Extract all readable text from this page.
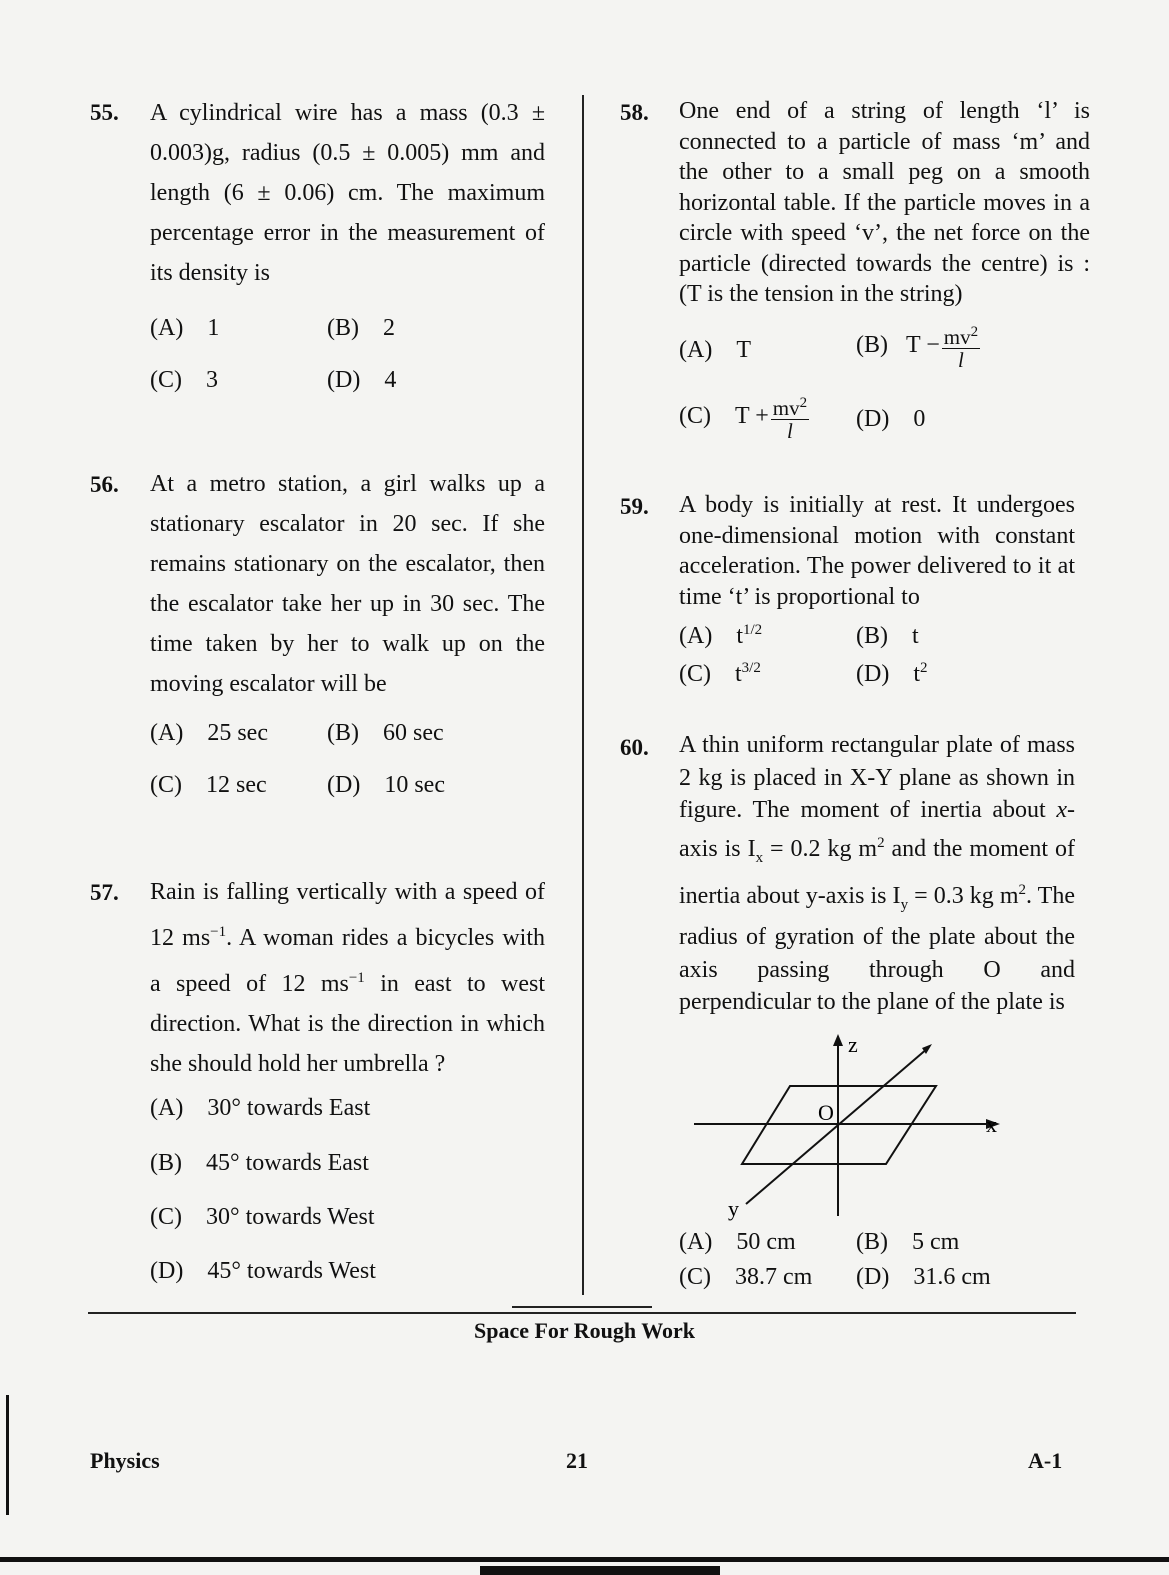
55. A cylindrical wire has a mass (0.3 ± 0.003)g, radius (0.5 ± 0.005) mm and length (6 ± 0.06) cm. The maximum percentage error in the measurement of its density is
(A) 1	(B) 2
(C) 3	(D) 4
56. At a metro station, a girl walks up a stationary escalator in 20 sec. If she remains stationary on the escalator, then the escalator take her up in 30 sec. The time taken by her to walk up on the moving escalator will be
(A) 25 sec (B) 60 sec
(C) 12 sec	(D) 10 sec
57. Rain is falling vertically with a speed of 12 $ms^{-1}$. A woman rides a bicycles with a speed of 12 $ms^{-1}$ in east to west direction. What is the direction in which she should hold her umbrella ?
(A) 30° towards East
(B) 45° towards East
(C) 30° towards West
(D) 45° towards West
58. One end of a string of length ‘l’ is connected to a particle of mass ‘m’ and the other to a small peg on a smooth horizontal table. If the particle moves in a circle with speed ‘v’, the net force on the particle (directed towards the centre) is : (T is the tension in the string)
(A) T	(B) $T - \frac{mv^2}{l}$
(C) $T + \frac{mv^2}{l} (D)$ 0
59. A body is initially at rest. It undergoes one-dimensional motion with constant acceleration. The power delivered to it at time ‘t’ is proportional to
(A) $t^{1/2}$	(B) t
(C) $t^{3/2}$	(D) $t^2$
60. A thin uniform rectangular plate of mass 2 kg is placed in X-Y plane as shown in figure. The moment of inertia about x-axis is $I_x = 0.2$ kg $m^2$ and the moment of inertia about y-axis is $I_y = 0.3$ kg $m^2$. The radius of gyration of the plate about the axis passing through O and perpendicular to the plane of the plate is
z
x
y
O
(A) 50 cm	(B) 5 cm
(C) 38.7 cm (D) 31.6 cm
Space For Rough Work
Physics	21	A-1
